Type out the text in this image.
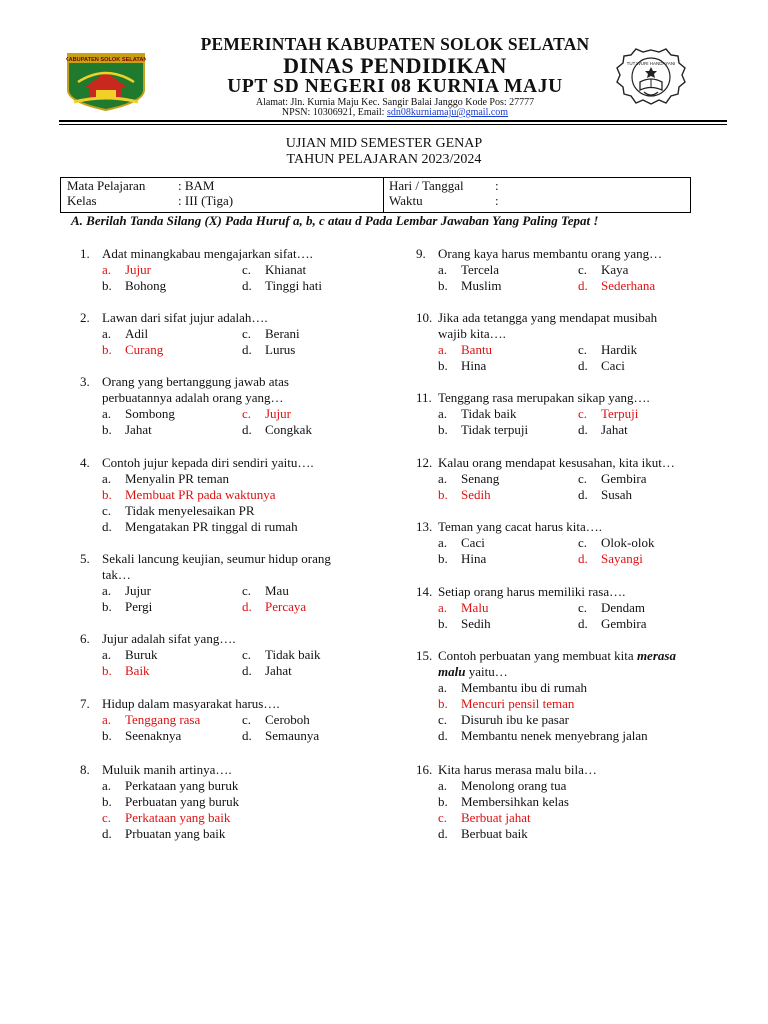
KABUPATEN SOLOK SELATAN
TUT WURI HANDAYANI
PEMERINTAH KABUPATEN SOLOK SELATAN
DINAS PENDIDIKAN
UPT SD NEGERI 08 KURNIA MAJU
Alamat: Jln. Kurnia Maju Kec. Sangir Balai Janggo Kode Pos: 27777
NPSN: 10306921, Email: sdn08kurniamaju@gmail.com
UJIAN MID SEMESTER GENAP
TAHUN PELAJARAN 2023/2024
Mata Pelajaran	: BAM
Kelas	: III (Tiga)
Hari / Tanggal :
Waktu	:
A. Berilah Tanda Silang (X) Pada Huruf a, b, c atau d Pada Lembar Jawaban Yang Paling Tepat !
1. Adat minangkabau mengajarkan sifat….
a. Jujur	c. Khianat
b. Bohong	d. Tinggi hati
2. Lawan dari sifat jujur adalah….
a. Adil	c. Berani
b. Curang	d. Lurus
3. Orang yang bertanggung jawab atas
perbuatannya adalah orang yang…
a. Sombong	c. Jujur
b. Jahat	d. Congkak
4. Contoh jujur kepada diri sendiri yaitu….
a. Menyalin PR teman
b. Membuat PR pada waktunya
c. Tidak menyelesaikan PR
d. Mengatakan PR tinggal di rumah
5. Sekali lancung keujian, seumur hidup orang
tak…
a. Jujur	c. Mau
b. Pergi	d. Percaya
6. Jujur adalah sifat yang….
a. Buruk	c. Tidak baik
b. Baik	d. Jahat
7. Hidup dalam masyarakat harus….
a. Tenggang rasa	c. Ceroboh
b. Seenaknya	d. Semaunya
8. Muluik manih artinya….
a. Perkataan yang buruk
b. Perbuatan yang buruk
c. Perkataan yang baik
d. Prbuatan yang baik
9. Orang kaya harus membantu orang yang…
a. Tercela	c. Kaya
b. Muslim	d. Sederhana
10. Jika ada tetangga yang mendapat musibah
wajib kita….
a. Bantu	c. Hardik
b. Hina	d. Caci
11. Tenggang rasa merupakan sikap yang….
a. Tidak baik	c. Terpuji
b. Tidak terpuji	d. Jahat
12. Kalau orang mendapat kesusahan, kita ikut…
a. Senang	c. Gembira
b. Sedih	d. Susah
13. Teman yang cacat harus kita….
a. Caci	c. Olok-olok
b. Hina	d. Sayangi
14. Setiap orang harus memiliki rasa….
a. Malu	c. Dendam
b. Sedih	d. Gembira
15. Contoh perbuatan yang membuat kita merasa
malu yaitu…
a. Membantu ibu di rumah
b. Mencuri pensil teman
c. Disuruh ibu ke pasar
d. Membantu nenek menyebrang jalan
16. Kita harus merasa malu bila…
a. Menolong orang tua
b. Membersihkan kelas
c. Berbuat jahat
d. Berbuat baik
